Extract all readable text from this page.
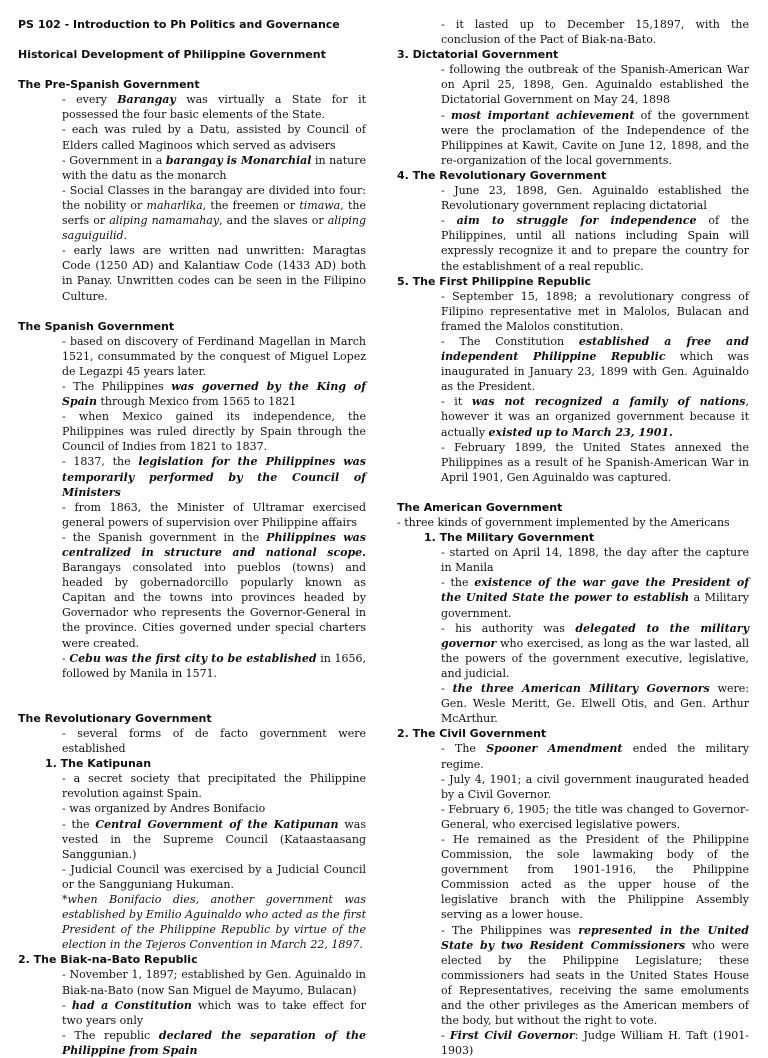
PS 102 - Introduction to Ph Politics and Governance

Historical Development of Philippine Government

The Pre-Spanish Government

- every Barangay was virtually a State for it possessed the four basic elements of the State.

- each was ruled by a Datu, assisted by Council of Elders called Maginoos which served as advisers

- Government in a barangay is Monarchial in nature with the datu as the monarch

- Social Classes in the barangay are divided into four: the nobility or maharlika, the freemen or timawa, the serfs or aliping namamahay, and the slaves or aliping saguiguilid.

- early laws are written nad unwritten: Maragtas Code (1250 AD) and Kalantiaw Code (1433 AD) both in Panay. Unwritten codes can be seen in the Filipino Culture.

The Spanish Government

- based on discovery of Ferdinand Magellan in March 1521, consummated by the conquest of Miguel Lopez de Legazpi 45 years later.

- The Philippines was governed by the King of Spain through Mexico from 1565 to 1821

- when Mexico gained its independence, the Philippines was ruled directly by Spain through the Council of Indies from 1821 to 1837.

- 1837, the legislation for the Philippines was temporarily performed by the Council of Ministers

- from 1863, the Minister of Ultramar exercised general powers of supervision over Philippine affairs

- the Spanish government in the Philippines was centralized in structure and national scope. Barangays consolated into pueblos (towns) and headed by gobernadorcillo popularly known as Capitan and the towns into provinces headed by Governador who represents the Governor-General in the province. Cities governed under special charters were created.

- Cebu was the first city to be established in 1656, followed by Manila in 1571.

The Revolutionary Government

- several forms of de facto government were established

1. The Katipunan

- a secret society that precipitated the Philippine revolution against Spain.

- was organized by Andres Bonifacio

- the Central Government of the Katipunan was vested in the Supreme Council (Kataastaasang Sanggunian.)

- Judicial Council was exercised by a Judicial Council or the Sangguniang Hukuman.

*when Bonifacio dies, another government was established by Emilio Aguinaldo who acted as the first President of the Philippine Republic by virtue of the election in the Tejeros Convention in March 22, 1897.

2. The Biak-na-Bato Republic

- November 1, 1897; established by Gen. Aguinaldo in Biak-na-Bato (now San Miguel de Mayumo, Bulacan)

- had a Constitution which was to take effect for two years only

- The republic declared the separation of the Philippine from Spain

- it lasted up to December 15,1897, with the conclusion of the Pact of Biak-na-Bato.

3. Dictatorial Government

- following the outbreak of the Spanish-American War on April 25, 1898, Gen. Aguinaldo established the Dictatorial Government on May 24, 1898

- most important achievement of the government were the proclamation of the Independence of the Philippines at Kawit, Cavite on June 12, 1898, and the re-organization of the local governments.

4. The Revolutionary Government

- June 23, 1898, Gen. Aguinaldo established the Revolutionary government replacing dictatorial

- aim to struggle for independence of the Philippines, until all nations including Spain will expressly recognize it and to prepare the country for the establishment of a real republic.

5. The First Philippine Republic

- September 15, 1898; a revolutionary congress of Filipino representative met in Malolos, Bulacan and framed the Malolos constitution.

- The Constitution established a free and independent Philippine Republic which was inaugurated in January 23, 1899 with Gen. Aguinaldo as the President.

- it was not recognized a family of nations, however it was an organized government because it actually existed up to March 23, 1901.

- February 1899, the United States annexed the Philippines as a result of he Spanish-American War in April 1901, Gen Aguinaldo was captured.

The American Government

- three kinds of government implemented by the Americans

1. The Military Government

- started on April 14, 1898, the day after the capture in Manila

- the existence of the war gave the President of the United State the power to establish a Military government.

- his authority was delegated to the military governor who exercised, as long as the war lasted, all the powers of the government executive, legislative, and judicial.

- the three American Military Governors were: Gen. Wesle Meritt, Ge. Elwell Otis, and Gen. Arthur McArthur.

2. The Civil Government

- The Spooner Amendment ended the military regime.

- July 4, 1901; a civil government inaugurated headed by a Civil Governor.

- February 6, 1905; the title was changed to Governor-General, who exercised legislative powers.

- He remained as the President of the Philippine Commission, the sole lawmaking body of the government from 1901-1916, the Philippine Commission acted as the upper house of the legislative branch with the Philippine Assembly serving as a lower house.

- The Philippines was represented in the United State by two Resident Commissioners who were elected by the Philippine Legislature; these commissioners had seats in the United States House of Representatives, receiving the same emoluments and the other privileges as the American members of the body, but without the right to vote.

- First Civil Governor: Judge William H. Taft (1901-1903)
